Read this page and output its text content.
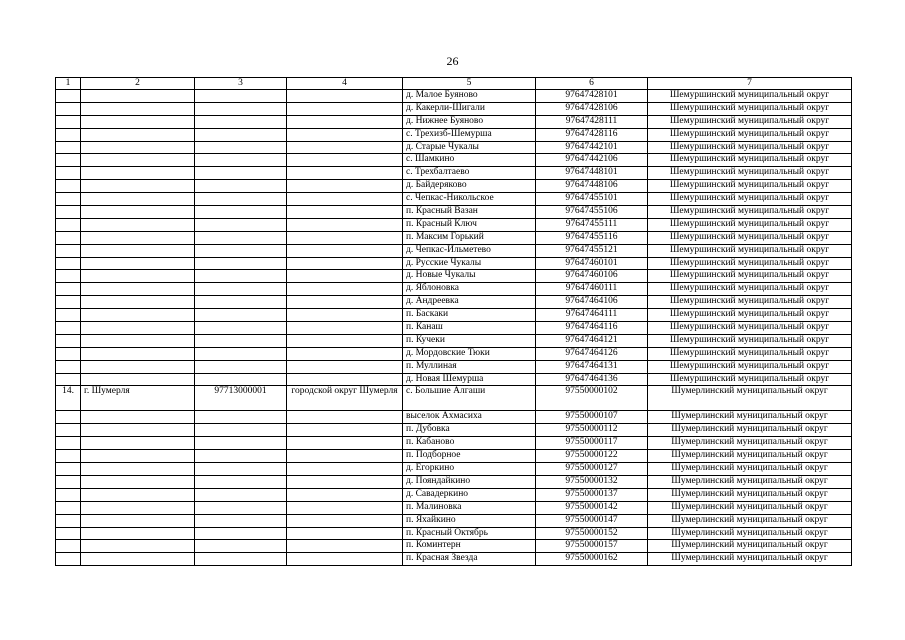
26
1	2	3	4	5	6	7
				д. Малое Буяново	97647428101	Шемуршинский муниципальный округ
				д. Какерли-Шигали	97647428106	Шемуршинский муниципальный округ
				д. Нижнее Буяново	97647428111	Шемуршинский муниципальный округ
				с. Трехизб-Шемурша	97647428116	Шемуршинский муниципальный округ
				д. Старые Чукалы	97647442101	Шемуршинский муниципальный округ
				с. Шамкино	97647442106	Шемуршинский муниципальный округ
				с. Трехбалтаево	97647448101	Шемуршинский муниципальный округ
				д. Байдеряково	97647448106	Шемуршинский муниципальный округ
				с. Чепкас-Никольское	97647455101	Шемуршинский муниципальный округ
				п. Красный Вазан	97647455106	Шемуршинский муниципальный округ
				п. Красный Ключ	97647455111	Шемуршинский муниципальный округ
				п. Максим Горький	97647455116	Шемуршинский муниципальный округ
				д. Чепкас-Ильметево	97647455121	Шемуршинский муниципальный округ
				д. Русские Чукалы	97647460101	Шемуршинский муниципальный округ
				д. Новые Чукалы	97647460106	Шемуршинский муниципальный округ
				д. Яблоновка	97647460111	Шемуршинский муниципальный округ
				д. Андреевка	97647464106	Шемуршинский муниципальный округ
				п. Баскаки	97647464111	Шемуршинский муниципальный округ
				п. Канаш	97647464116	Шемуршинский муниципальный округ
				п. Кучеки	97647464121	Шемуршинский муниципальный округ
				д. Мордовские Тюки	97647464126	Шемуршинский муниципальный округ
				п. Муллиная	97647464131	Шемуршинский муниципальный округ
				д. Новая Шемурша	97647464136	Шемуршинский муниципальный округ
14.	г. Шумерля	97713000001	городской округ Шумерля	с. Большие Алгаши	97550000102	Шумерлинский муниципальный округ
				выселок Ахмасиха	97550000107	Шумерлинский муниципальный округ
				п. Дубовка	97550000112	Шумерлинский муниципальный округ
				п. Кабаново	97550000117	Шумерлинский муниципальный округ
				п. Подборное	97550000122	Шумерлинский муниципальный округ
				д. Егоркино	97550000127	Шумерлинский муниципальный округ
				д. Пояндайкино	97550000132	Шумерлинский муниципальный округ
				д. Савадеркино	97550000137	Шумерлинский муниципальный округ
				п. Малиновка	97550000142	Шумерлинский муниципальный округ
				п. Яхайкино	97550000147	Шумерлинский муниципальный округ
				п. Красный Октябрь	97550000152	Шумерлинский муниципальный округ
				п. Коминтерн	97550000157	Шумерлинский муниципальный округ
				п. Красная Звезда	97550000162	Шумерлинский муниципальный округ
